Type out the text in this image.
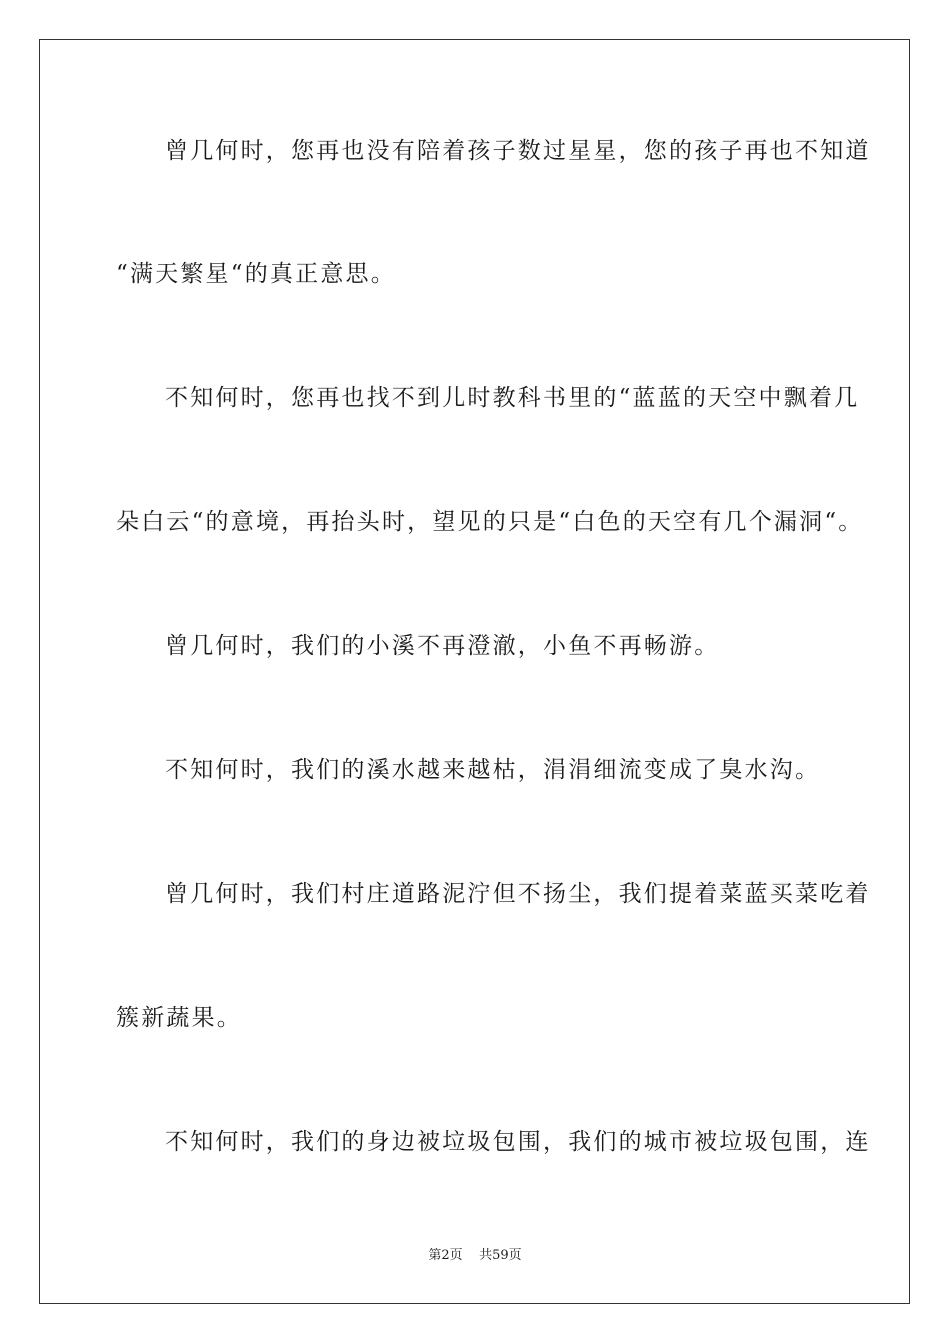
曾几何时，您再也没有陪着孩子数过星星，您的孩子再也不知道
“满天繁星“的真正意思。
不知何时，您再也找不到儿时教科书里的“蓝蓝的天空中飘着几
朵白云“的意境，再抬头时，望见的只是“白色的天空有几个漏洞“。
曾几何时，我们的小溪不再澄澈，小鱼不再畅游。
不知何时，我们的溪水越来越枯，涓涓细流变成了臭水沟。
曾几何时，我们村庄道路泥泞但不扬尘，我们提着菜蓝买菜吃着
簇新蔬果。
不知何时，我们的身边被垃圾包围，我们的城市被垃圾包围，连
第2页 共59页
